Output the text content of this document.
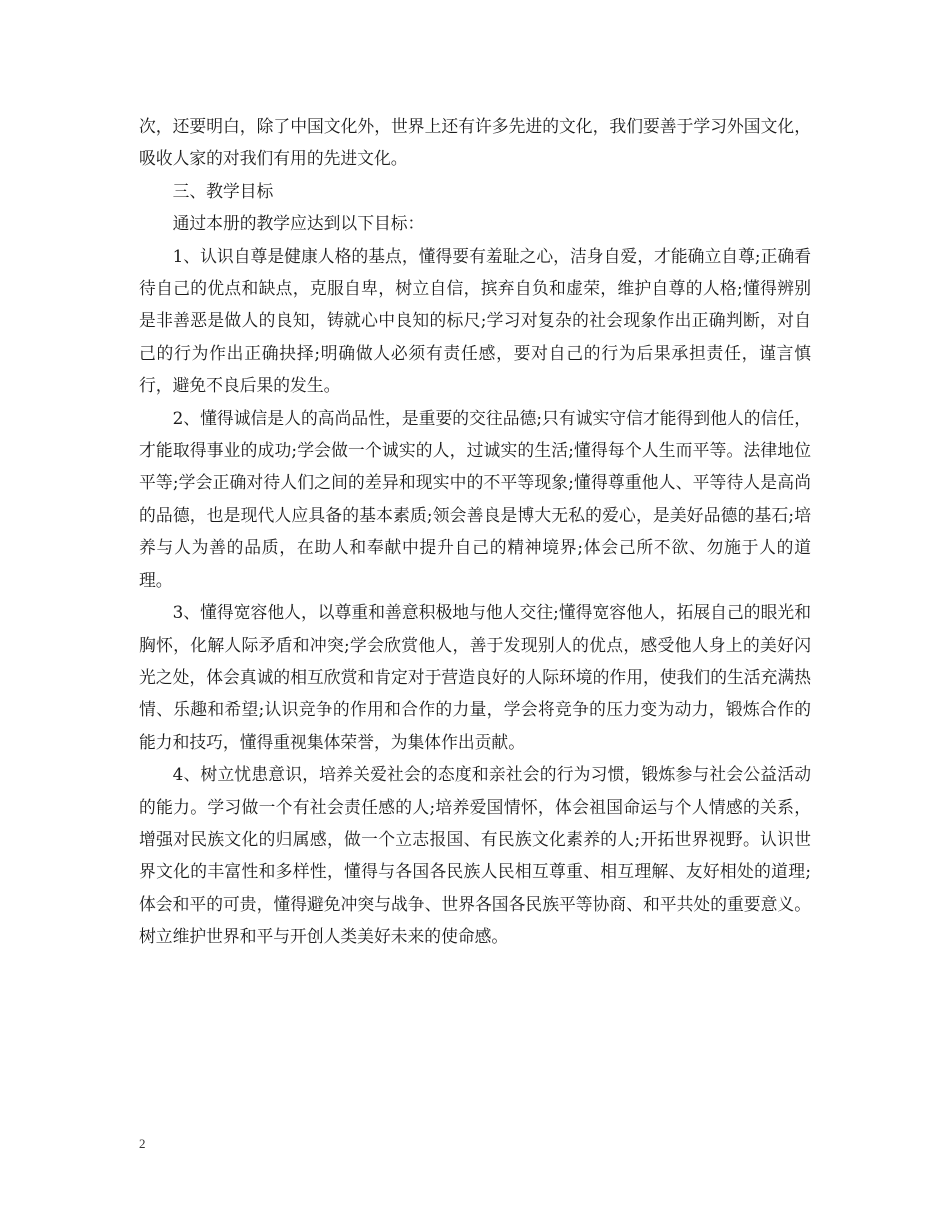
次，还要明白，除了中国文化外，世界上还有许多先进的文化，我们要善于学习外国文化，吸收人家的对我们有用的先进文化。

三、教学目标

通过本册的教学应达到以下目标：

1、认识自尊是健康人格的基点，懂得要有羞耻之心，洁身自爱，才能确立自尊;正确看待自己的优点和缺点，克服自卑，树立自信，摈弃自负和虚荣，维护自尊的人格;懂得辨别是非善恶是做人的良知，铸就心中良知的标尺;学习对复杂的社会现象作出正确判断，对自己的行为作出正确抉择;明确做人必须有责任感，要对自己的行为后果承担责任，谨言慎行，避免不良后果的发生。

2、懂得诚信是人的高尚品性，是重要的交往品德;只有诚实守信才能得到他人的信任，才能取得事业的成功;学会做一个诚实的人，过诚实的生活;懂得每个人生而平等。法律地位平等;学会正确对待人们之间的差异和现实中的不平等现象;懂得尊重他人、平等待人是高尚的品德，也是现代人应具备的基本素质;领会善良是博大无私的爱心，是美好品德的基石;培养与人为善的品质，在助人和奉献中提升自己的精神境界;体会己所不欲、勿施于人的道理。

3、懂得宽容他人，以尊重和善意积极地与他人交往;懂得宽容他人，拓展自己的眼光和胸怀，化解人际矛盾和冲突;学会欣赏他人，善于发现别人的优点，感受他人身上的美好闪光之处，体会真诚的相互欣赏和肯定对于营造良好的人际环境的作用，使我们的生活充满热情、乐趣和希望;认识竞争的作用和合作的力量，学会将竞争的压力变为动力，锻炼合作的能力和技巧，懂得重视集体荣誉，为集体作出贡献。

4、树立忧患意识，培养关爱社会的态度和亲社会的行为习惯，锻炼参与社会公益活动的能力。学习做一个有社会责任感的人;培养爱国情怀，体会祖国命运与个人情感的关系，增强对民族文化的归属感，做一个立志报国、有民族文化素养的人;开拓世界视野。认识世界文化的丰富性和多样性，懂得与各国各民族人民相互尊重、相互理解、友好相处的道理;体会和平的可贵，懂得避免冲突与战争、世界各国各民族平等协商、和平共处的重要意义。树立维护世界和平与开创人类美好未来的使命感。

2
